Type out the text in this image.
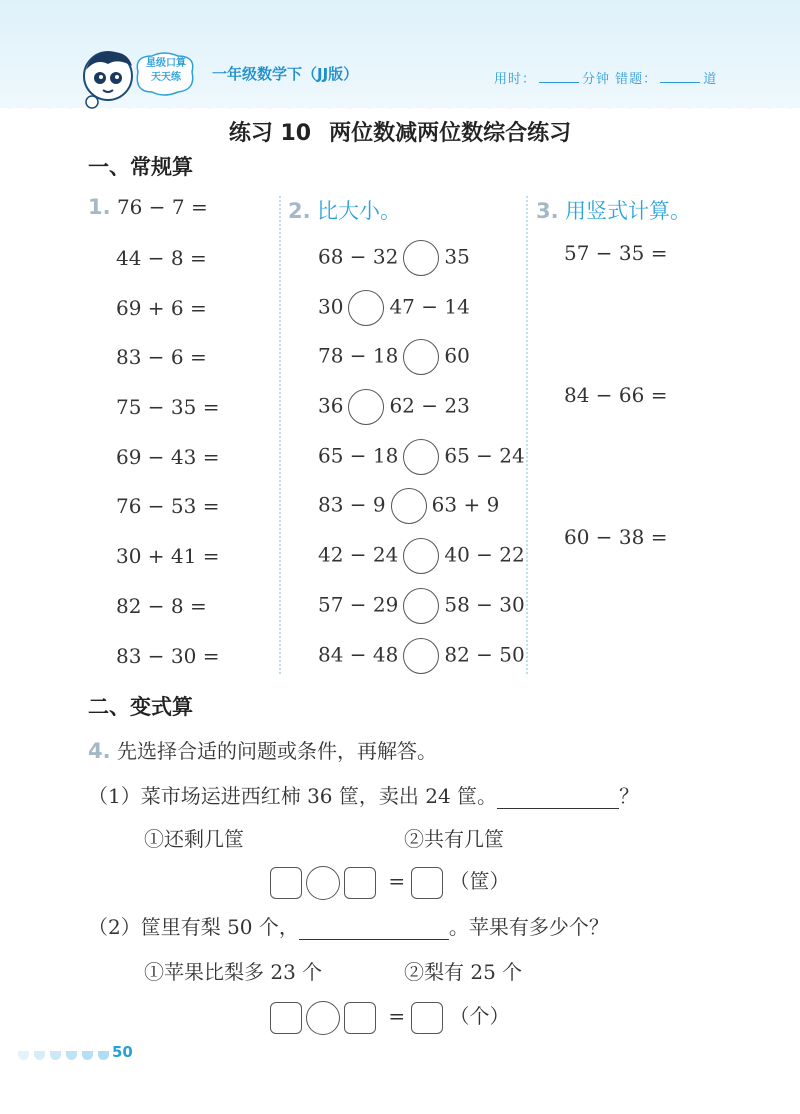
星级口算
天天练	一年级数学下（JJ版）	用时：	分钟 错题：	道
练习 10 两位数减两位数综合练习
一、常规算
1. 76 − 7 =
44 − 8 =
69 + 6 =
83 − 6 =
75 − 35 =
69 − 43 =
76 − 53 =
30 + 41 =
82 − 8 =
83 − 30 =
2. 比大小。
68 − 32 35
30 47 − 14
78 − 18 60
36 62 − 23
65 − 18 65 − 24
83 − 9 63 + 9
42 − 24 40 − 22
57 − 29 58 − 30
84 − 48 82 − 50
3. 用竖式计算。
57 − 35 =
84 − 66 =
60 − 38 =
二、变式算
4. 先选择合适的问题或条件，再解答。
（1）菜市场运进西红柿 36 筐，卖出 24 筐。	？
①还剩几筐	②共有几筐
= （筐）
（2）筐里有梨 50 个，	。苹果有多少个？
①苹果比梨多 23 个	②梨有 25 个
= （个）
50
